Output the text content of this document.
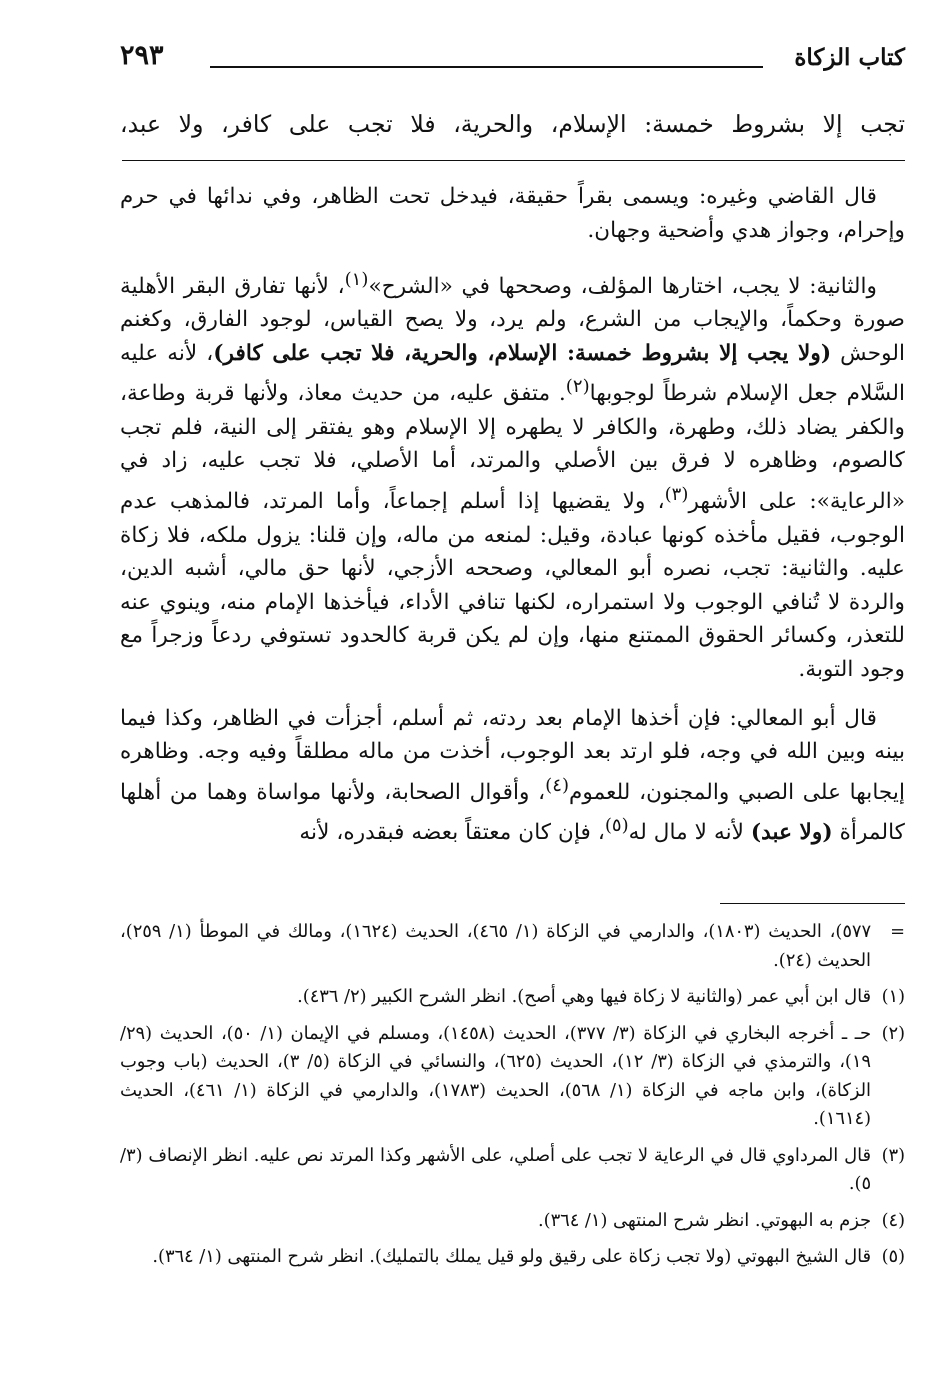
كتاب الزكاة
٢٩٣
تجب إلا بشروط خمسة: الإسلام، والحرية، فلا تجب على كافر، ولا عبد،

قال القاضي وغيره: ويسمى بقراً حقيقة، فيدخل تحت الظاهر، وفي ندائها في حرم وإحرام، وجواز هدي وأضحية وجهان.

والثانية: لا يجب، اختارها المؤلف، وصححها في «الشرح»$^{(١)}$، لأنها تفارق البقر الأهلية صورة وحكماً، والإيجاب من الشرع، ولم يرد، ولا يصح القياس، لوجود الفارق، وكغنم الوحش (ولا يجب إلا بشروط خمسة: الإسلام، والحرية، فلا تجب على كافر)، لأنه عليه السَّلام جعل الإسلام شرطاً لوجوبها$^{(٢)}$. متفق عليه، من حديث معاذ، ولأنها قربة وطاعة، والكفر يضاد ذلك، وطهرة، والكافر لا يطهره إلا الإسلام وهو يفتقر إلى النية، فلم تجب كالصوم، وظاهره لا فرق بين الأصلي والمرتد، أما الأصلي، فلا تجب عليه، زاد في «الرعاية»: على الأشهر$^{(٣)}$، ولا يقضيها إذا أسلم إجماعاً، وأما المرتد، فالمذهب عدم الوجوب، فقيل مأخذه كونها عبادة، وقيل: لمنعه من ماله، وإن قلنا: يزول ملكه، فلا زكاة عليه. والثانية: تجب، نصره أبو المعالي، وصححه الأزجي، لأنها حق مالي، أشبه الدين، والردة لا تُنافي الوجوب ولا استمراره، لكنها تنافي الأداء، فيأخذها الإمام منه، وينوي عنه للتعذر، وكسائر الحقوق الممتنع منها، وإن لم يكن قربة كالحدود تستوفي ردعاً وزجراً مع وجود التوبة.

قال أبو المعالي: فإن أخذها الإمام بعد ردته، ثم أسلم، أجزأت في الظاهر، وكذا فيما بينه وبين الله في وجه، فلو ارتد بعد الوجوب، أخذت من ماله مطلقاً وفيه وجه. وظاهره إيجابها على الصبي والمجنون، للعموم$^{(٤)}$، وأقوال الصحابة، ولأنها مواساة وهما من أهلها كالمرأة (ولا عبد) لأنه لا مال له$^{(٥)}$، فإن كان معتقاً بعضه فبقدره، لأنه

=
٥٧٧)، الحديث (١٨٠٣)، والدارمي في الزكاة (١/ ٤٦٥)، الحديث (١٦٢٤)، ومالك في الموطأ (١/ ٢٥٩)، الحديث (٢٤).
(١)
قال ابن أبي عمر (والثانية لا زكاة فيها وهي أصح). انظر الشرح الكبير (٢/ ٤٣٦).
(٢)
حـ ـ أخرجه البخاري في الزكاة (٣/ ٣٧٧)، الحديث (١٤٥٨)، ومسلم في الإيمان (١/ ٥٠)، الحديث (٢٩/ ١٩)، والترمذي في الزكاة (٣/ ١٢)، الحديث (٦٢٥)، والنسائي في الزكاة (٥/ ٣)، الحديث (باب وجوب الزكاة)، وابن ماجه في الزكاة (١/ ٥٦٨)، الحديث (١٧٨٣)، والدارمي في الزكاة (١/ ٤٦١)، الحديث (١٦١٤).
(٣)
قال المرداوي قال في الرعاية لا تجب على أصلي، على الأشهر وكذا المرتد نص عليه. انظر الإنصاف (٣/ ٥).
(٤)
جزم به البهوتي. انظر شرح المنتهى (١/ ٣٦٤).
(٥)
قال الشيخ البهوتي (ولا تجب زكاة على رقيق ولو قيل يملك بالتمليك). انظر شرح المنتهى (١/ ٣٦٤).
